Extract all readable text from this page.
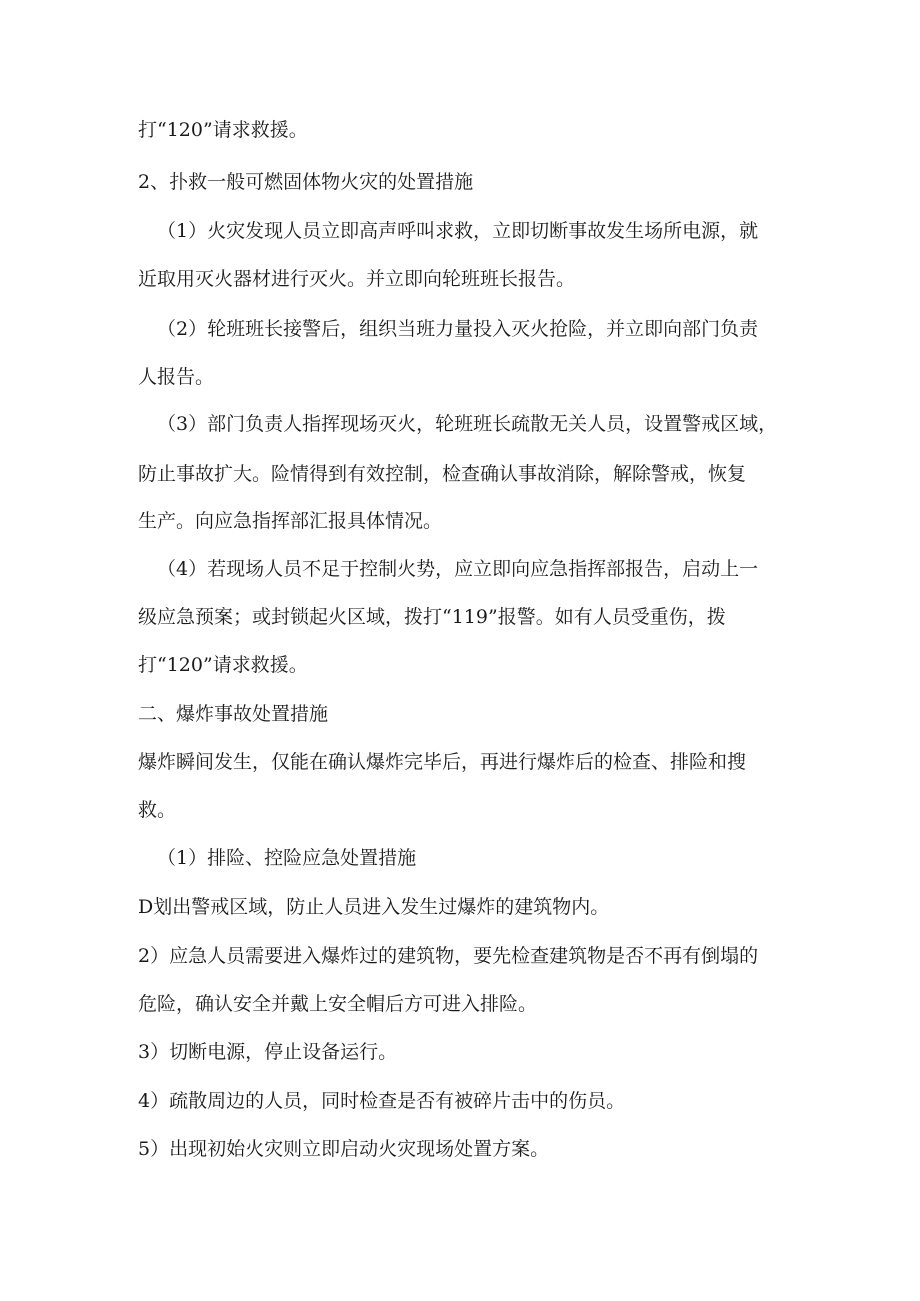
打“120”请求救援。

2、扑救一般可燃固体物火灾的处置措施

（1）火灾发现人员立即高声呼叫求救，立即切断事故发生场所电源，就

近取用灭火器材进行灭火。并立即向轮班班长报告。

（2）轮班班长接警后，组织当班力量投入灭火抢险，并立即向部门负责

人报告。

（3）部门负责人指挥现场灭火，轮班班长疏散无关人员，设置警戒区域，

防止事故扩大。险情得到有效控制，检查确认事故消除，解除警戒，恢复

生产。向应急指挥部汇报具体情况。

（4）若现场人员不足于控制火势，应立即向应急指挥部报告，启动上一

级应急预案；或封锁起火区域，拨打“119”报警。如有人员受重伤，拨

打“120”请求救援。

二、爆炸事故处置措施

爆炸瞬间发生，仅能在确认爆炸完毕后，再进行爆炸后的检查、排险和搜

救。

（1）排险、控险应急处置措施

D划出警戒区域，防止人员进入发生过爆炸的建筑物内。

2）应急人员需要进入爆炸过的建筑物，要先检查建筑物是否不再有倒塌的

危险，确认安全并戴上安全帽后方可进入排险。

3）切断电源，停止设备运行。

4）疏散周边的人员，同时检查是否有被碎片击中的伤员。

5）出现初始火灾则立即启动火灾现场处置方案。
